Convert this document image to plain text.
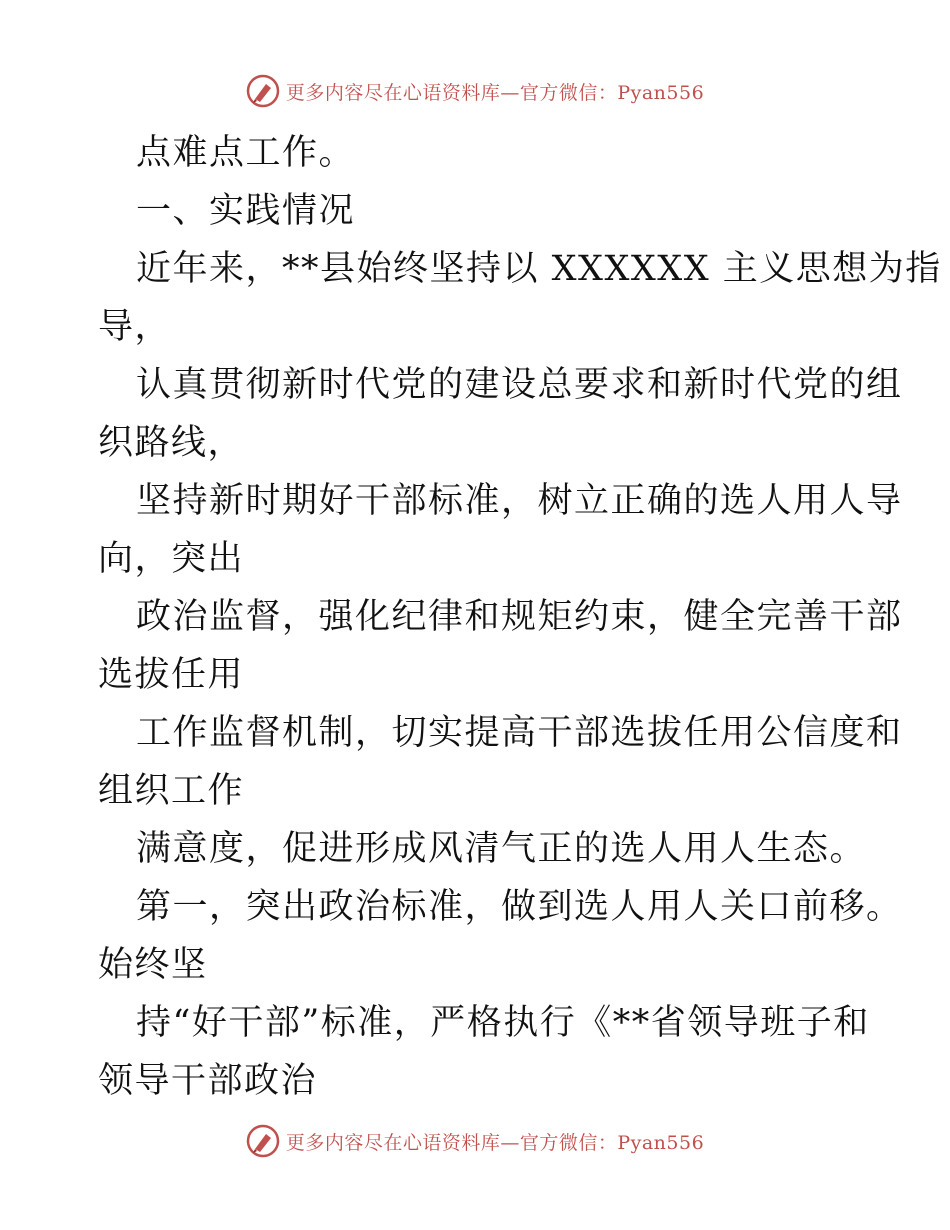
更多内容尽在心语资料库—官方微信：Pyan556
点难点工作。
一、实践情况
近年来，**县始终坚持以 XXXXXX 主义思想为指
导，
认真贯彻新时代党的建设总要求和新时代党的组
织路线，
坚持新时期好干部标准，树立正确的选人用人导
向，突出
政治监督，强化纪律和规矩约束，健全完善干部
选拔任用
工作监督机制，切实提高干部选拔任用公信度和
组织工作
满意度，促进形成风清气正的选人用人生态。
第一，突出政治标准，做到选人用人关口前移。
始终坚
持“好干部”标准，严格执行《**省领导班子和
领导干部政治
更多内容尽在心语资料库—官方微信：Pyan556
